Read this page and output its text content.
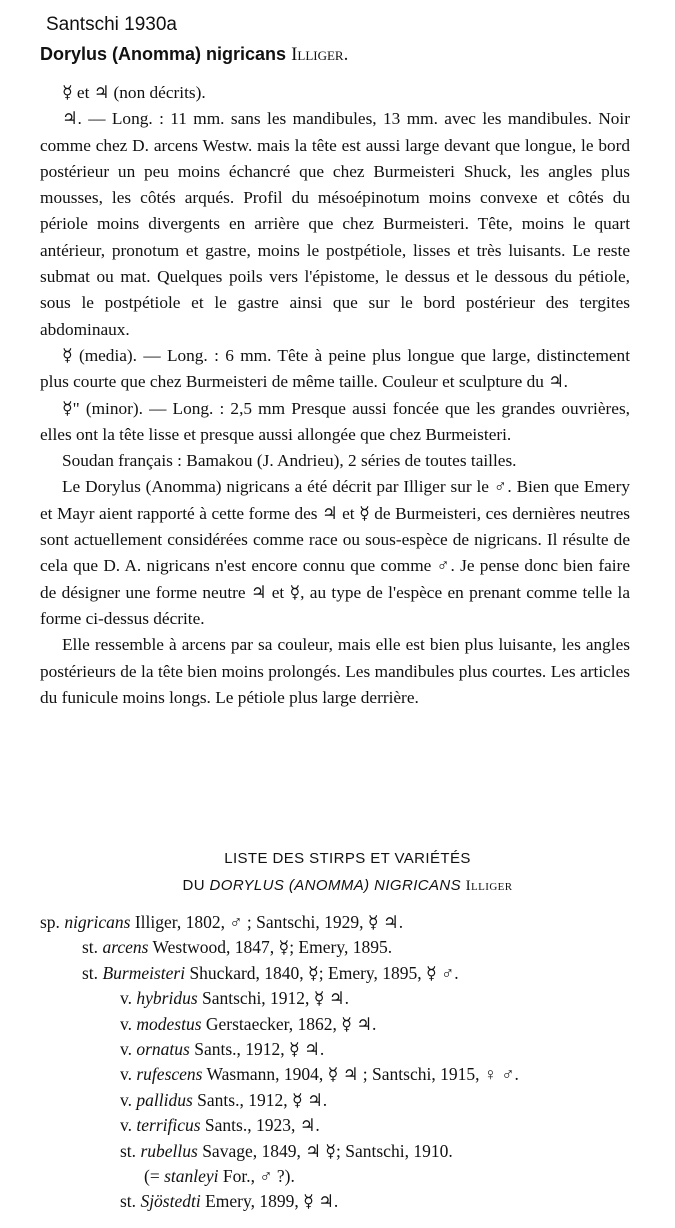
Santschi 1930a
Dorylus (Anomma) nigricans Illiger.

☿ et ♃ (non décrits).

♃. — Long. : 11 mm. sans les mandibules, 13 mm. avec les mandibules. Noir comme chez D. arcens Westw. mais la tête est aussi large devant que longue, le bord postérieur un peu moins échancré que chez Burmeisteri Shuck, les angles plus mousses, les côtés arqués. Profil du mésoépinotum moins convexe et côtés du périole moins divergents en arrière que chez Burmeisteri. Tête, moins le quart antérieur, pronotum et gastre, moins le postpétiole, lisses et très luisants. Le reste submat ou mat. Quelques poils vers l'épistome, le dessus et le dessous du pétiole, sous le postpétiole et le gastre ainsi que sur le bord postérieur des tergites abdominaux.

☿ (media). — Long. : 6 mm. Tête à peine plus longue que large, distinctement plus courte que chez Burmeisteri de même taille. Couleur et sculpture du ♃.

☿" (minor). — Long. : 2,5 mm Presque aussi foncée que les grandes ouvrières, elles ont la tête lisse et presque aussi allongée que chez Burmeisteri.

Soudan français : Bamakou (J. Andrieu), 2 séries de toutes tailles.

Le Dorylus (Anomma) nigricans a été décrit par Illiger sur le ♂. Bien que Emery et Mayr aient rapporté à cette forme des ♃ et ☿ de Burmeisteri, ces dernières neutres sont actuellement considérées comme race ou sous-espèce de nigricans. Il résulte de cela que D. A. nigricans n'est encore connu que comme ♂. Je pense donc bien faire de désigner une forme neutre ♃ et ☿, au type de l'espèce en prenant comme telle la forme ci-dessus décrite.

Elle ressemble à arcens par sa couleur, mais elle est bien plus luisante, les angles postérieurs de la tête bien moins prolongés. Les mandibules plus courtes. Les articles du funicule moins longs. Le pétiole plus large derrière.

LISTE DES STIRPS ET VARIÉTÉS
DU DORYLUS (ANOMMA) NIGRICANS Illiger
sp. nigricans Illiger, 1802, ♂ ; Santschi, 1929, ☿ ♃.
st. arcens Westwood, 1847, ☿; Emery, 1895.
st. Burmeisteri Shuckard, 1840, ☿; Emery, 1895, ☿ ♂.
v. hybridus Santschi, 1912, ☿ ♃.
v. modestus Gerstaecker, 1862, ☿ ♃.
v. ornatus Sants., 1912, ☿ ♃.
v. rufescens Wasmann, 1904, ☿ ♃ ; Santschi, 1915, ♀ ♂.
v. pallidus Sants., 1912, ☿ ♃.
v. terrificus Sants., 1923, ♃.
st. rubellus Savage, 1849, ♃ ☿; Santschi, 1910.
(= stanleyi For., ♂ ?).
st. Sjöstedti Emery, 1899, ☿ ♃.
